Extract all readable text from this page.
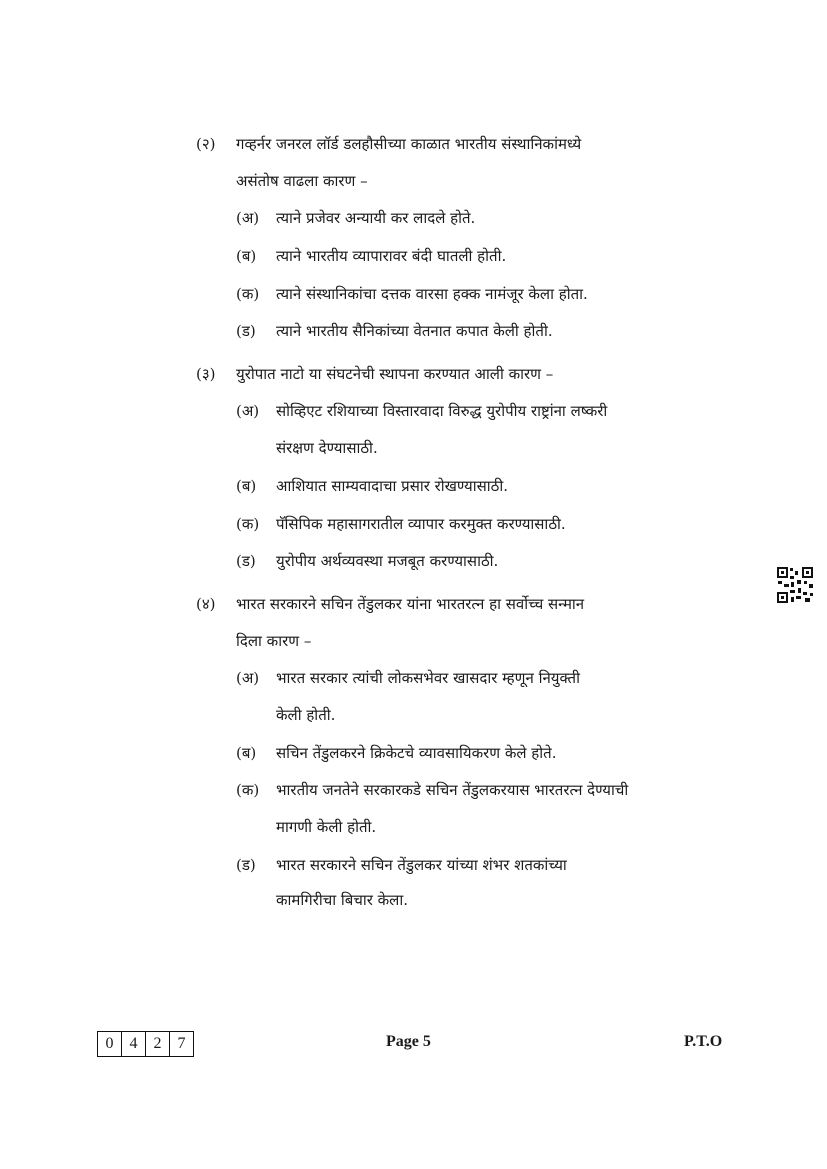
(२) गव्हर्नर जनरल लॉर्ड डलहौसीच्या काळात भारतीय संस्थानिकांमध्ये
असंतोष वाढला कारण –
(अ) त्याने प्रजेवर अन्यायी कर लादले होते.
(ब) त्याने भारतीय व्यापारावर बंदी घातली होती.
(क) त्याने संस्थानिकांचा दत्तक वारसा हक्क नामंजूर केला होता.
(ड) त्याने भारतीय सैनिकांच्या वेतनात कपात केली होती.
(३) युरोपात नाटो या संघटनेची स्थापना करण्यात आली कारण –
(अ) सोव्हिएट रशियाच्या विस्तारवादा विरुद्ध युरोपीय राष्ट्रांना लष्करी
संरक्षण देण्यासाठी.
(ब) आशियात साम्यवादाचा प्रसार रोखण्यासाठी.
(क) पॅसिपिक महासागरातील व्यापार करमुक्त करण्यासाठी.
(ड) युरोपीय अर्थव्यवस्था मजबूत करण्यासाठी.
(४) भारत सरकारने सचिन तेंडुलकर यांना भारतरत्न हा सर्वोच्च सन्मान
दिला कारण –
(अ) भारत सरकार त्यांची लोकसभेवर खासदार म्हणून नियुक्ती
केली होती.
(ब) सचिन तेंडुलकरने क्रिकेटचे व्यावसायिकरण केले होते.
(क) भारतीय जनतेने सरकारकडे सचिन तेंडुलकरयास भारतरत्न देण्याची
मागणी केली होती.
(ड) भारत सरकारने सचिन तेंडुलकर यांच्या शंभर शतकांच्या
कामगिरीचा बिचार केला.
0	4	2	7	Page 5	P.T.O
